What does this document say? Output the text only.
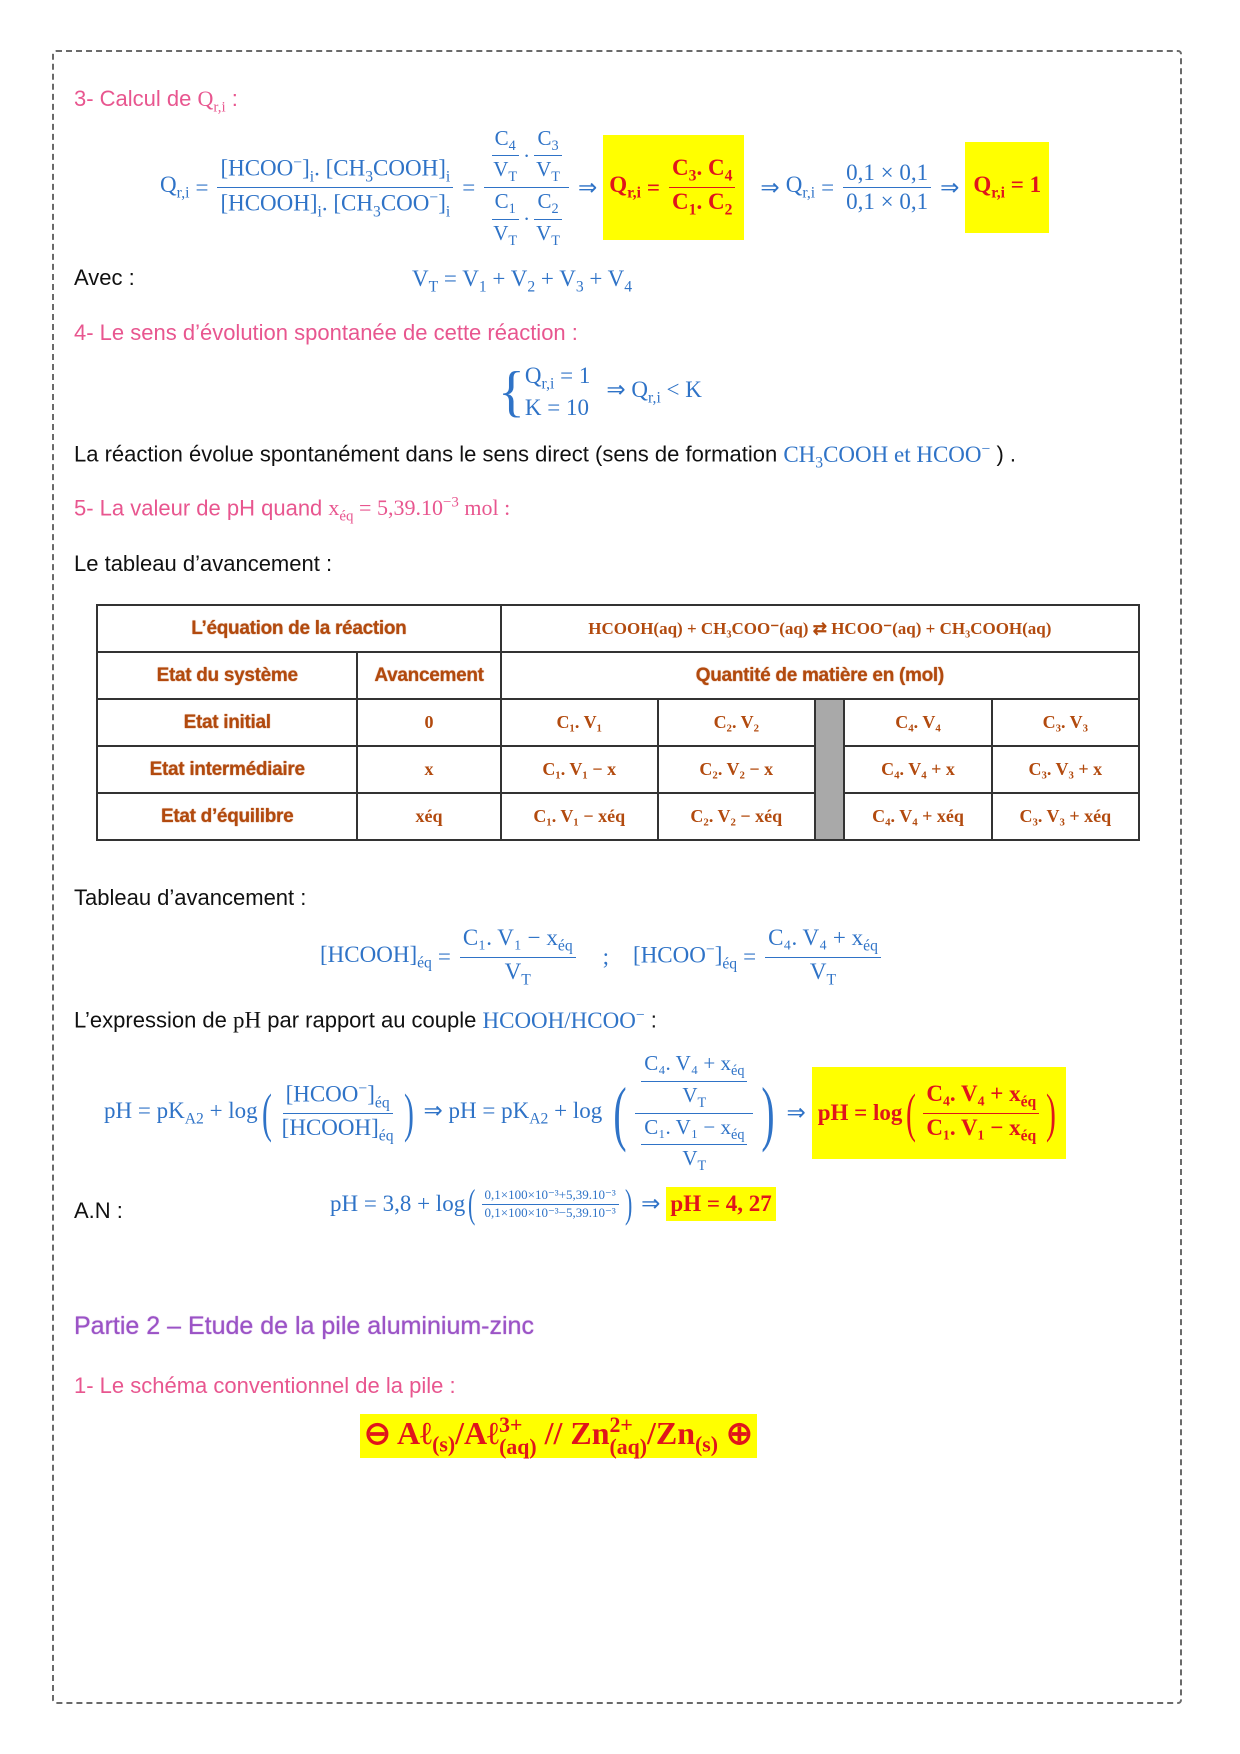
3- Calcul de $Q_{r,i}$ :
$Q_{r,i} = \frac{[HCOO^-]_i. [CH_3COOH]_i}{[HCOOH]_i. [CH_3COO^-]_i} = \frac{\frac{C_4}{V_T} \cdot \frac{C_3}{V_T}}{\frac{C_1}{V_T} \cdot \frac{C_2}{V_T}}$ ⇒ $Q_{r,i} = \frac{C_3. C_4}{C_1. C_2}$ ⇒ $Q_{r,i} = \frac{0,1 \times 0,1}{0,1 \times 0,1}$ ⇒ $Q_{r,i} = 1$
Avec :	$V_T = V_1 + V_2 + V_3 + V_4$
4- Le sens d’évolution spontanée de cette réaction :
{ $Q_{r,i} = 1$
K = 10
⇒ $Q_{r,i} < K$
La réaction évolue spontanément dans le sens direct (sens de formation $CH_3COOH$ et HCOO− ) .
5- La valeur de pH quand $x_{éq} = 5,39.10^{-3}$ mol :
Le tableau d’avancement :
L’équation de la réaction		HCOOH(aq) + CH₃COO⁻(aq) ⇄ HCOO⁻(aq) + CH₃COOH(aq)				
Etat du système	Avancement	Quantité de matière en (mol)				
Etat initial	0	C₁. V₁	C₂. V₂		C₄. V₄	C₃. V₃
Etat intermédiaire	x	C₁. V₁ − x	C₂. V₂ − x		C₄. V₄ + x	C₃. V₃ + x
Etat d’équilibre	xéq	C₁. V₁ − xéq	C₂. V₂ − xéq		C₄. V₄ + xéq	C₃. V₃ + xéq
Tableau d’avancement :
$[HCOOH]_{éq} = \frac{C_1. V_1 - x_{éq}}{V_T}$ ; $[HCOO^-]_{éq} = \frac{C_4. V_4 + x_{éq}}{V_T}$
L’expression de pH par rapport au couple HCOOH/HCOO− :
pH = $pK_{A2} + \log$ ( $\frac{[HCOO^-]_{éq}}{[HCOOH]_{éq}}$ ) ⇒ pH = $pK_{A2} + \log$ ( $\frac{\frac{C_4. V_4 + x_{éq}}{V_T}}{\frac{C_1. V_1 - x_{éq}}{V_T}}$ ) ⇒ pH = log ( $\frac{C_4. V_4 + x_{éq}}{C_1. V_1 - x_{éq}}$ )
A.N :	pH = 3,8 + log ( $\frac{\text{0,1×100×10⁻³+5,39.10⁻³}}{\text{0,1×100×10⁻³−5,39.10⁻³}}$ ) ⇒ pH = 4, 27
Partie 2 – Etude de la pile aluminium-zinc
1- Le schéma conventionnel de la pile :
⊖ Aℓ$_{(s)}$/Aℓ 3+
(aq) // Zn 2+
(aq) $/Zn_{(s)}$ ⊕
